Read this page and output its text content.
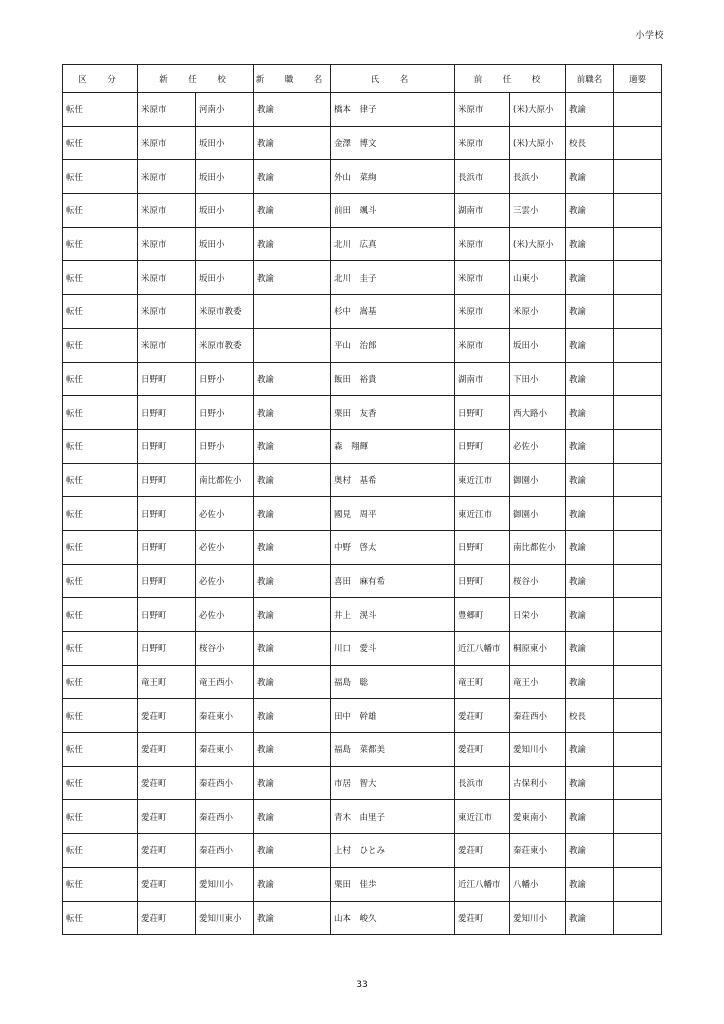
小学校
区　分	新　任　校		新　職　名	氏　名	前　任　校		前職名	適要
転任	米原市	河南小	教諭	橋本　律子	米原市	(米)大原小	教諭	
転任	米原市	坂田小	教諭	金澤　博文	米原市	(米)大原小	校長	
転任	米原市	坂田小	教諭	外山　菜絢	長浜市	長浜小	教諭	
転任	米原市	坂田小	教諭	前田　颯斗	湖南市	三雲小	教諭	
転任	米原市	坂田小	教諭	北川　広真	米原市	(米)大原小	教諭	
転任	米原市	坂田小	教諭	北川　圭子	米原市	山東小	教諭	
転任	米原市	米原市教委		杉中　嵩基	米原市	米原小	教諭	
転任	米原市	米原市教委		平山　治郎	米原市	坂田小	教諭	
転任	日野町	日野小	教諭	飯田　裕貴	湖南市	下田小	教諭	
転任	日野町	日野小	教諭	栗田　友香	日野町	西大路小	教諭	
転任	日野町	日野小	教諭	森　翔輝	日野町	必佐小	教諭	
転任	日野町	南比都佐小	教諭	奥村　基希	東近江市	御園小	教諭	
転任	日野町	必佐小	教諭	國見　周平	東近江市	御園小	教諭	
転任	日野町	必佐小	教諭	中野　啓太	日野町	南比都佐小	教諭	
転任	日野町	必佐小	教諭	喜田　麻有希	日野町	桜谷小	教諭	
転任	日野町	必佐小	教諭	井上　滉斗	豊郷町	日栄小	教諭	
転任	日野町	桜谷小	教諭	川口　愛斗	近江八幡市	桐原東小	教諭	
転任	竜王町	竜王西小	教諭	福島　聡	竜王町	竜王小	教諭	
転任	愛荘町	秦荘東小	教諭	田中　幹雄	愛荘町	秦荘西小	校長	
転任	愛荘町	秦荘東小	教諭	福島　菜都美	愛荘町	愛知川小	教諭	
転任	愛荘町	秦荘西小	教諭	市居　智大	長浜市	古保利小	教諭	
転任	愛荘町	秦荘西小	教諭	青木　由里子	東近江市	愛東南小	教諭	
転任	愛荘町	秦荘西小	教諭	上村　ひとみ	愛荘町	秦荘東小	教諭	
転任	愛荘町	愛知川小	教諭	栗田　佳歩	近江八幡市	八幡小	教諭	
転任	愛荘町	愛知川東小	教諭	山本　峻久	愛荘町	愛知川小	教諭	
33
